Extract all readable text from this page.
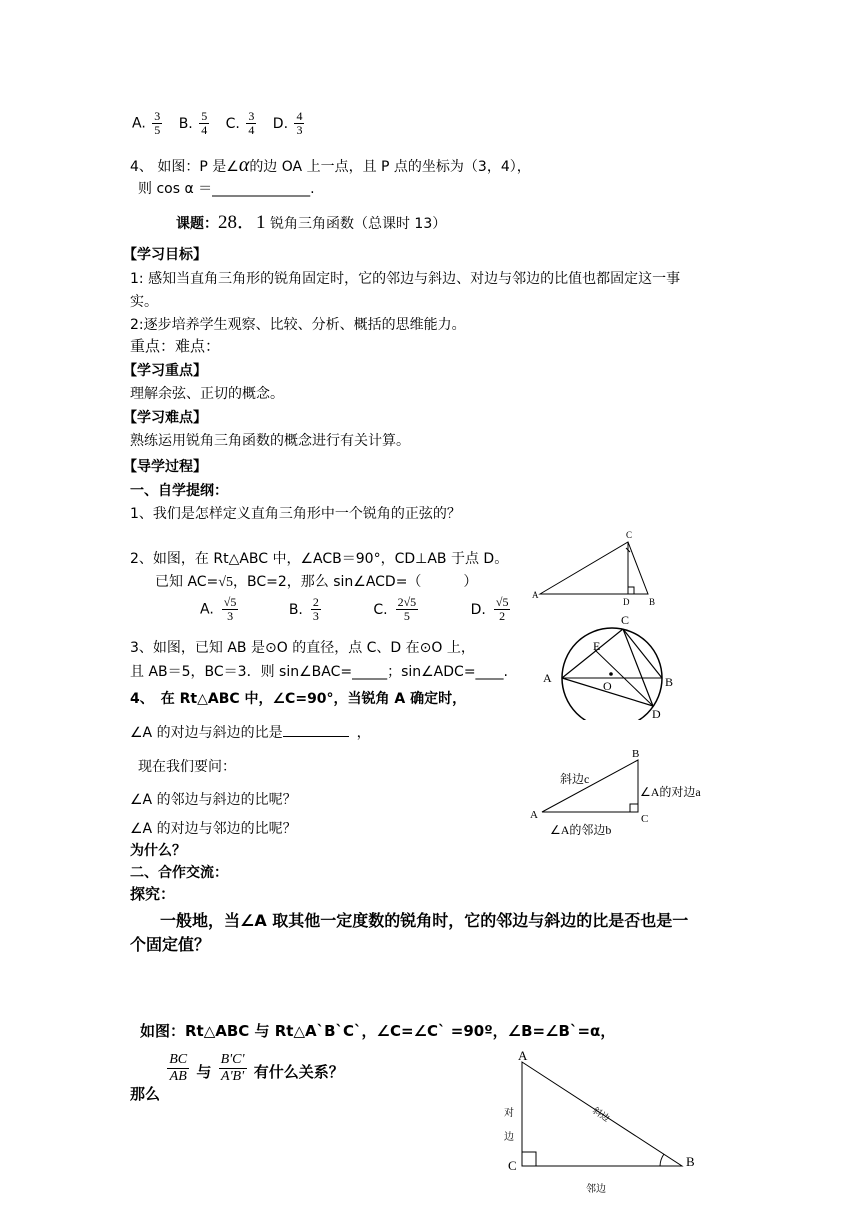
A. $\frac{3}{5} B$. $\frac{5}{4} C$. $\frac{3}{4} D$. $\frac{4}{3}$
4、 如图：P 是∠α的边 OA 上一点，且 P 点的坐标为（3，4），
则 cos α ＝______________.
课题：28．1 锐角三角函数（总课时 13）
【学习目标】
1: 感知当直角三角形的锐角固定时，它的邻边与斜边、对边与邻边的比值也都固定这一事
实。
2:逐步培养学生观察、比较、分析、概括的思维能力。
重点：难点：
【学习重点】
理解余弦、正切的概念。
【学习难点】
熟练运用锐角三角函数的概念进行有关计算。
【导学过程】
一、自学提纲：
1、我们是怎样定义直角三角形中一个锐角的正弦的？
2、如图，在 Rt△ABC 中，∠ACB＝90°，CD⊥AB 于点 D。
已知 AC=√5，BC=2，那么 sin∠ACD=（　　　）
A. $\frac{√5}{3}$	B. $\frac{2}{3}$	C. $\frac{2√5}{5}$	D. $\frac{√5}{2}$
3、如图，已知 AB 是⊙O 的直径，点 C、D 在⊙O 上，
且 AB＝5，BC＝3．则 sin∠BAC=_____；sin∠ADC=____.
4、　在 Rt△ABC 中，∠C=90°，当锐角 A 确定时，
∠A 的对边与斜边的比是	，
现在我们要问：
∠A 的邻边与斜边的比呢？
∠A 的对边与邻边的比呢？
为什么？
二、合作交流：
探究：
一般地，当∠A 取其他一定度数的锐角时，它的邻边与斜边的比是否也是一
个固定值？
如图：Rt△ABC 与 Rt△A`B`C`，∠C=∠C` =90º，∠B=∠B`=α，
那么
$\frac{BC}{AB}$ 与 $\frac{B'C'}{A'B'}$ 有什么关系？
A
C
D B
A
C
E
O	B
D
A
B
C
斜边c
∠A的对边a
∠A的邻边b
A
C	B
斜边
对
边
邻边
